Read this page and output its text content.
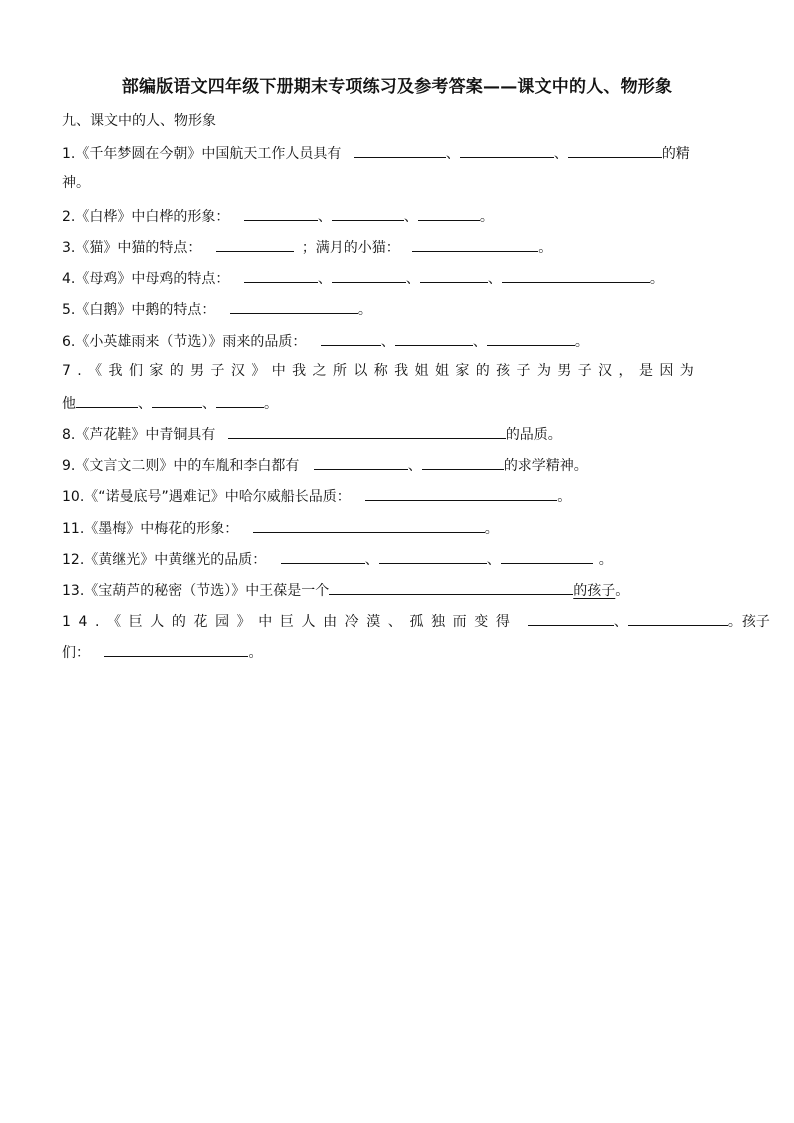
部编版语文四年级下册期末专项练习及参考答案——课文中的人、物形象
九、课文中的人、物形象
1.《千年梦圆在今朝》中国航天工作人员具有	、	、	的精
神。
2.《白桦》中白桦的形象：	、	、	。
3.《猫》中猫的特点：	；满月的小猫：	。
4.《母鸡》中母鸡的特点：	、	、	、	。
5.《白鹅》中鹅的特点：	。
6.《小英雄雨来（节选）》雨来的品质：	、	、	。
7.《我们家的男子汉》中我之所以称我姐姐家的孩子为男子汉，是因为
他	、	、	。
8.《芦花鞋》中青铜具有	的品质。
9.《文言文二则》中的车胤和李白都有	、	的求学精神。
10.《“诺曼底号”遇难记》中哈尔威船长品质：	。
11.《墨梅》中梅花的形象：	。
12.《黄继光》中黄继光的品质：	、	、	。
13.《宝葫芦的秘密（节选）》中王葆是一个	的孩子。
14.《巨人的花园》中巨人由冷漠、孤独而变得	、	。孩子
们：	。
